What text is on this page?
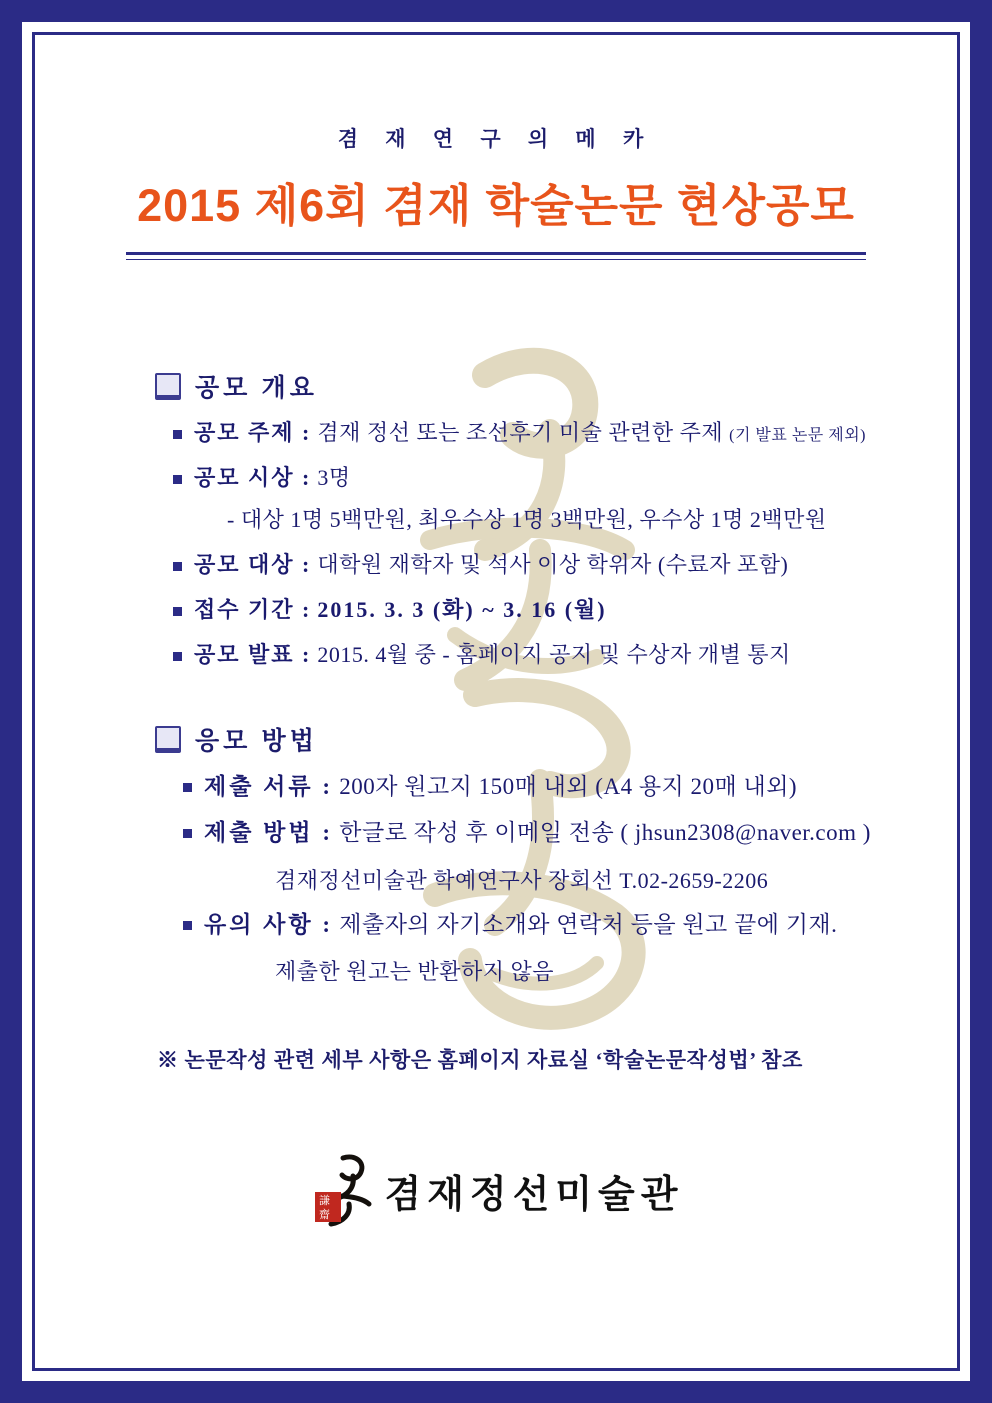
겸 재 연 구 의 메 카
2015 제6회 겸재 학술논문 현상공모
공모 개요
공모 주제 : 겸재 정선 또는 조선후기 미술 관련한 주제 (기 발표 논문 제외)
공모 시상 : 3명
- 대상 1명 5백만원, 최우수상 1명 3백만원, 우수상 1명 2백만원
공모 대상 : 대학원 재학자 및 석사 이상 학위자 (수료자 포함)
접수 기간 : 2015. 3. 3 (화) ~ 3. 16 (월)
공모 발표 : 2015. 4월 중 - 홈페이지 공지 및 수상자 개별 통지
응모 방법
제출 서류 : 200자 원고지 150매 내외 (A4 용지 20매 내외)
제출 방법 : 한글로 작성 후 이메일 전송 ( jhsun2308@naver.com )
겸재정선미술관 학예연구사 장회선 T.02-2659-2206
유의 사항 : 제출자의 자기소개와 연락처 등을 원고 끝에 기재.
제출한 원고는 반환하지 않음
※ 논문작성 관련 세부 사항은 홈페이지 자료실 ‘학술논문작성법’ 참조
謙
齋 겸재정선미술관
